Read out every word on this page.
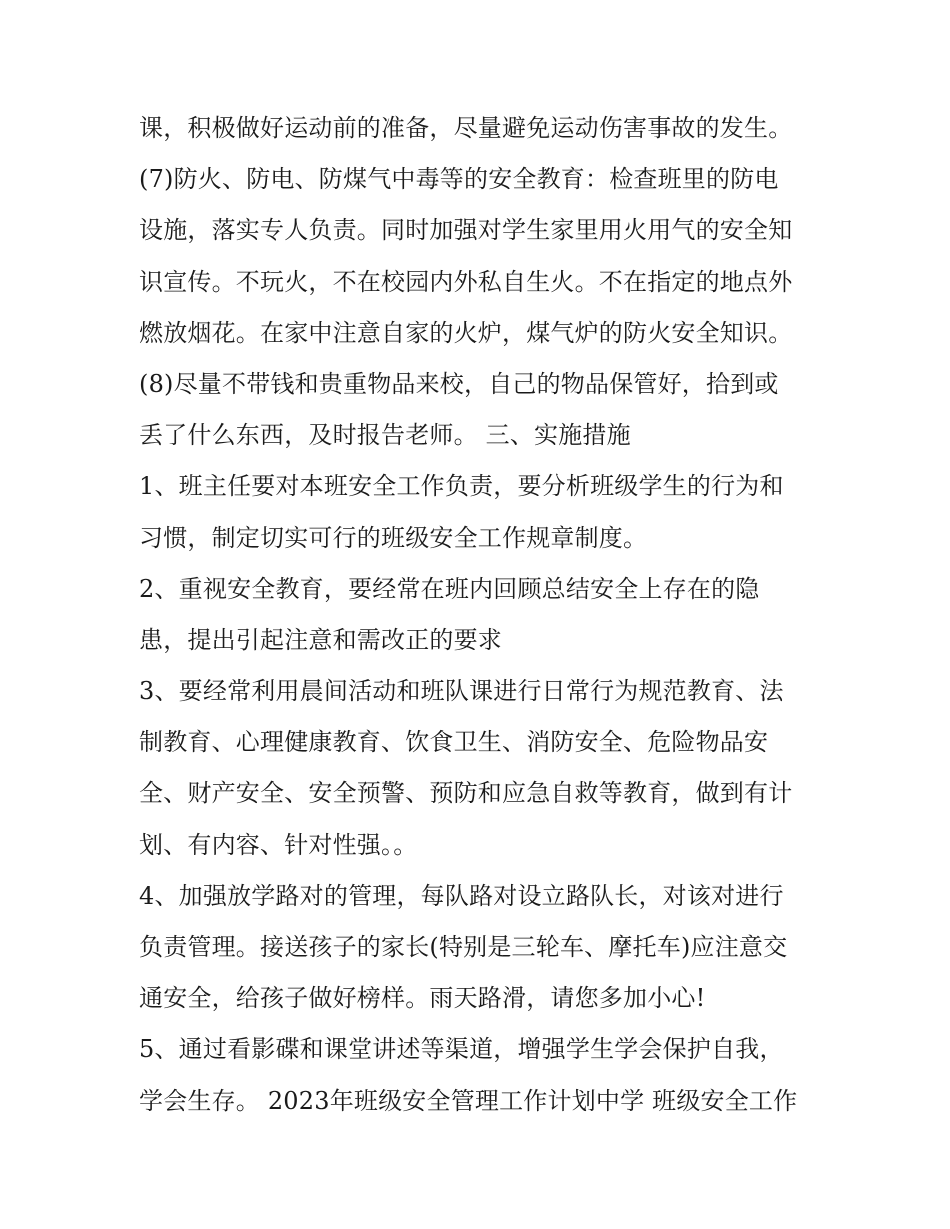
课，积极做好运动前的准备，尽量避免运动伤害事故的发生。
(7)防火、防电、防煤气中毒等的安全教育：检查班里的防电
设施，落实专人负责。同时加强对学生家里用火用气的安全知
识宣传。不玩火，不在校园内外私自生火。不在指定的地点外
燃放烟花。在家中注意自家的火炉，煤气炉的防火安全知识。
(8)尽量不带钱和贵重物品来校，自己的物品保管好，拾到或
丢了什么东西，及时报告老师。 三、实施措施
1、班主任要对本班安全工作负责，要分析班级学生的行为和
习惯，制定切实可行的班级安全工作规章制度。
2、重视安全教育，要经常在班内回顾总结安全上存在的隐
患，提出引起注意和需改正的要求
3、要经常利用晨间活动和班队课进行日常行为规范教育、法
制教育、心理健康教育、饮食卫生、消防安全、危险物品安
全、财产安全、安全预警、预防和应急自救等教育，做到有计
划、有内容、针对性强。。
4、加强放学路对的管理，每队路对设立路队长，对该对进行
负责管理。接送孩子的家长(特别是三轮车、摩托车)应注意交
通安全，给孩子做好榜样。雨天路滑，请您多加小心!
5、通过看影碟和课堂讲述等渠道，增强学生学会保护自我，
学会生存。 2023年班级安全管理工作计划中学 班级安全工作
